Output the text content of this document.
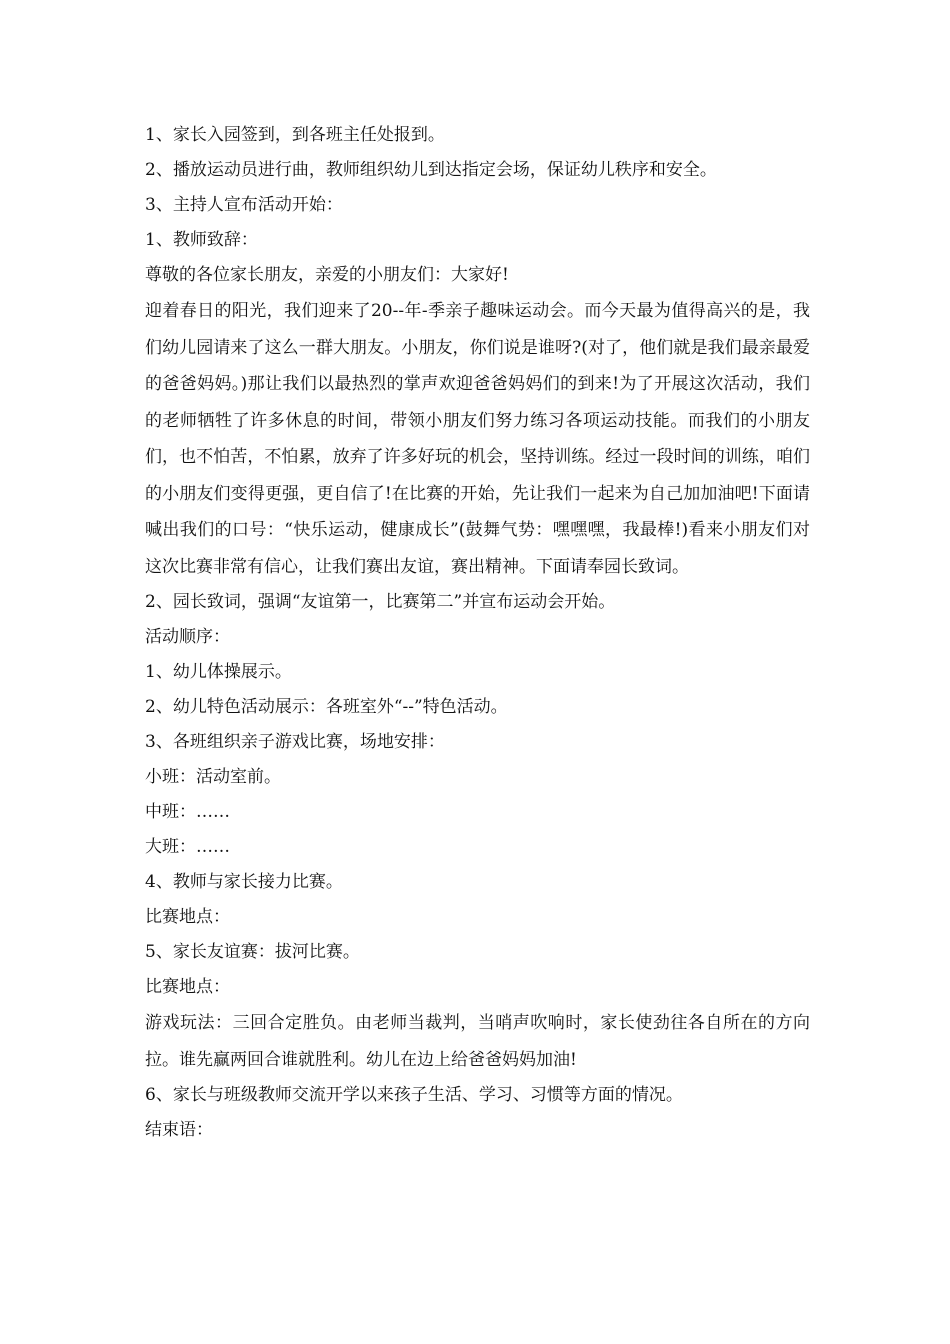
1、家长入园签到，到各班主任处报到。

2、播放运动员进行曲，教师组织幼儿到达指定会场，保证幼儿秩序和安全。

3、主持人宣布活动开始：

1、教师致辞：

尊敬的各位家长朋友，亲爱的小朋友们：大家好!

迎着春日的阳光，我们迎来了20--年-季亲子趣味运动会。而今天最为值得高兴的是，我们幼儿园请来了这么一群大朋友。小朋友，你们说是谁呀?(对了，他们就是我们最亲最爱的爸爸妈妈。)那让我们以最热烈的掌声欢迎爸爸妈妈们的到来!为了开展这次活动，我们的老师牺牲了许多休息的时间，带领小朋友们努力练习各项运动技能。而我们的小朋友们，也不怕苦，不怕累，放弃了许多好玩的机会，坚持训练。经过一段时间的训练，咱们的小朋友们变得更强，更自信了!在比赛的开始，先让我们一起来为自己加加油吧!下面请喊出我们的口号：“快乐运动，健康成长”(鼓舞气势：嘿嘿嘿，我最棒!)看来小朋友们对这次比赛非常有信心，让我们赛出友谊，赛出精神。下面请奉园长致词。

2、园长致词，强调“友谊第一，比赛第二”并宣布运动会开始。

活动顺序：

1、幼儿体操展示。

2、幼儿特色活动展示：各班室外“--”特色活动。

3、各班组织亲子游戏比赛，场地安排：

小班：活动室前。

中班：……

大班：……

4、教师与家长接力比赛。

比赛地点：

5、家长友谊赛：拔河比赛。

比赛地点：

游戏玩法：三回合定胜负。由老师当裁判，当哨声吹响时，家长使劲往各自所在的方向拉。谁先赢两回合谁就胜利。幼儿在边上给爸爸妈妈加油!

6、家长与班级教师交流开学以来孩子生活、学习、习惯等方面的情况。

结束语：
